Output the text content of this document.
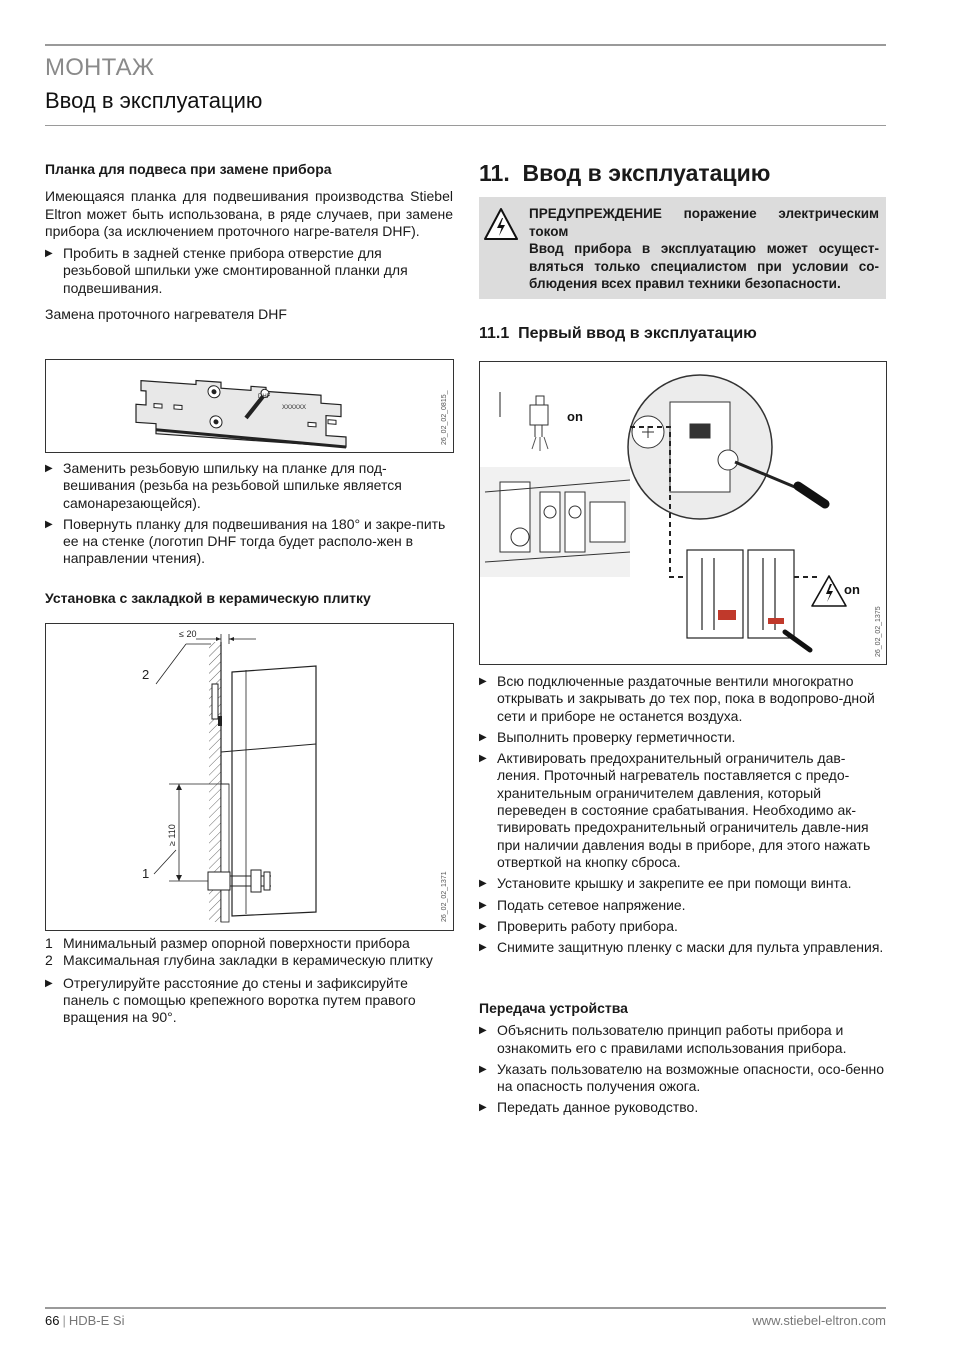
МОНТАЖ
Ввод в эксплуатацию
Планка для подвеса при замене прибора

Имеющаяся планка для подвешивания производства Stiebel Eltron может быть использована, в ряде случаев, при замене прибора (за исключением проточного нагре-вателя DHF).

▶ Пробить в задней стенке прибора отверстие для резьбовой шпильки уже смонтированной планки для подвешивания.

Замена проточного нагревателя DHF

DHF
XXXXXX	26_02_02_0815_
▶ Заменить резьбовую шпильку на планке для под-вешивания (резьба на резьбовой шпильке является самонарезающейся).
▶ Повернуть планку для подвешивания на 180° и закре-пить ее на стенке (логотип DHF тогда будет располо-жен в направлении чтения).
Установка с закладкой в керамическую плитку
≤ 20
≥ 110
2
1	26_02_02_1371
1 Минимальный размер опорной поверхности прибора
2 Максимальная глубина закладки в керамическую плитку
▶ Отрегулируйте расстояние до стены и зафиксируйте панель с помощью крепежного воротка путем правого вращения на 90°.
11.  Ввод в эксплуатацию
ПРЕДУПРЕЖДЕНИЕ поражение электрическим током
Ввод прибора в эксплуатацию может осущест-вляться только специалистом при условии со-блюдения всех правил техники безопасности.
11.1  Первый ввод в эксплуатацию
on
on
26_02_02_1375
▶ Всю подключенные раздаточные вентили многократно открывать и закрывать до тех пор, пока в водопрово-дной сети и приборе не останется воздуха.
▶ Выполнить проверку герметичности.
▶ Активировать предохранительный ограничитель дав-ления. Проточный нагреватель поставляется с предо-хранительным ограничителем давления, который переведен в состояние срабатывания. Необходимо ак-тивировать предохранительный ограничитель давле-ния при наличии давления воды в приборе, для этого нажать отверткой на кнопку сброса.
▶ Установите крышку и закрепите ее при помощи винта.
▶ Подать сетевое напряжение.
▶ Проверить работу прибора.
▶ Снимите защитную пленку с маски для пульта управления.
Передача устройства
▶ Объяснить пользователю принцип работы прибора и ознакомить его с правилами использования прибора.
▶ Указать пользователю на возможные опасности, осо-бенно на опасность получения ожога.
▶ Передать данное руководство.
66 | HDB-E Si	www.stiebel-eltron.com
